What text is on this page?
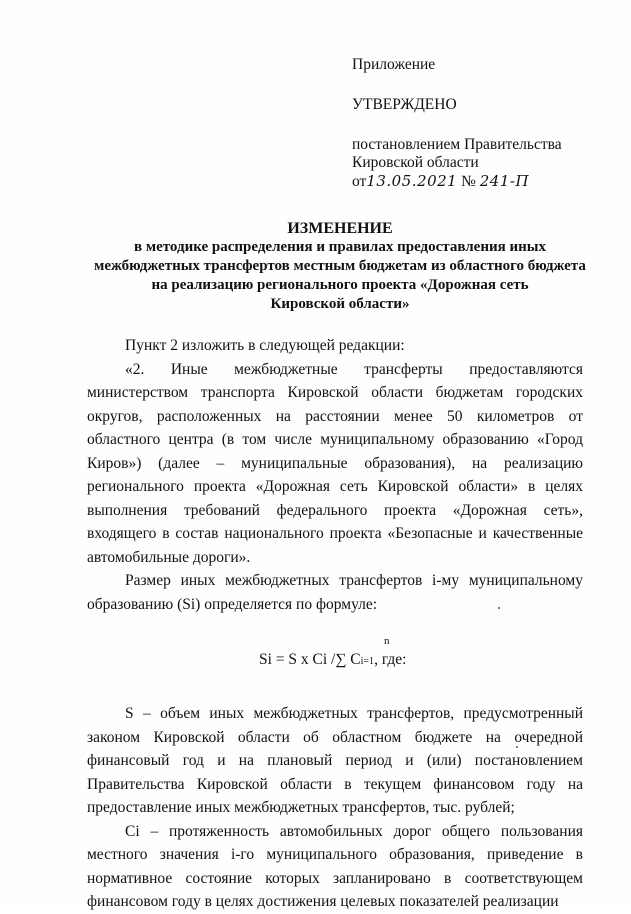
Приложение
УТВЕРЖДЕНО
постановлением Правительства
Кировской области
от13.05.2021 № 241-П
ИЗМЕНЕНИЕ
в методике распределения и правилах предоставления иных
межбюджетных трансфертов местным бюджетам из областного бюджета
на реализацию регионального проекта «Дорожная сеть
Кировской области»
Пункт 2 изложить в следующей редакции:
«2. Иные межбюджетные трансферты предоставляются министерством транспорта Кировской области бюджетам городских округов, расположенных на расстоянии менее 50 километров от областного центра (в том числе муниципальному образованию «Город Киров») (далее – муниципальные образования), на реализацию регионального проекта «Дорожная сеть Кировской области» в целях выполнения требований федерального проекта «Дорожная сеть», входящего в состав национального проекта «Безопасные и качественные автомобильные дороги».
Размер иных межбюджетных трансфертов i-му муниципальному образованию (Si) определяется по формуле:
n
Si = S x Ci /∑ Ci=1, где:
S – объем иных межбюджетных трансфертов, предусмотренный законом Кировской области об областном бюджете на очередной финансовый год и на плановый период и (или) постановлением Правительства Кировской области в текущем финансовом году на предоставление иных межбюджетных трансфертов, тыс. рублей;
Ci – протяженность автомобильных дорог общего пользования местного значения i-го муниципального образования, приведение в нормативное состояние которых запланировано в соответствующем финансовом году в целях достижения целевых показателей реализации
